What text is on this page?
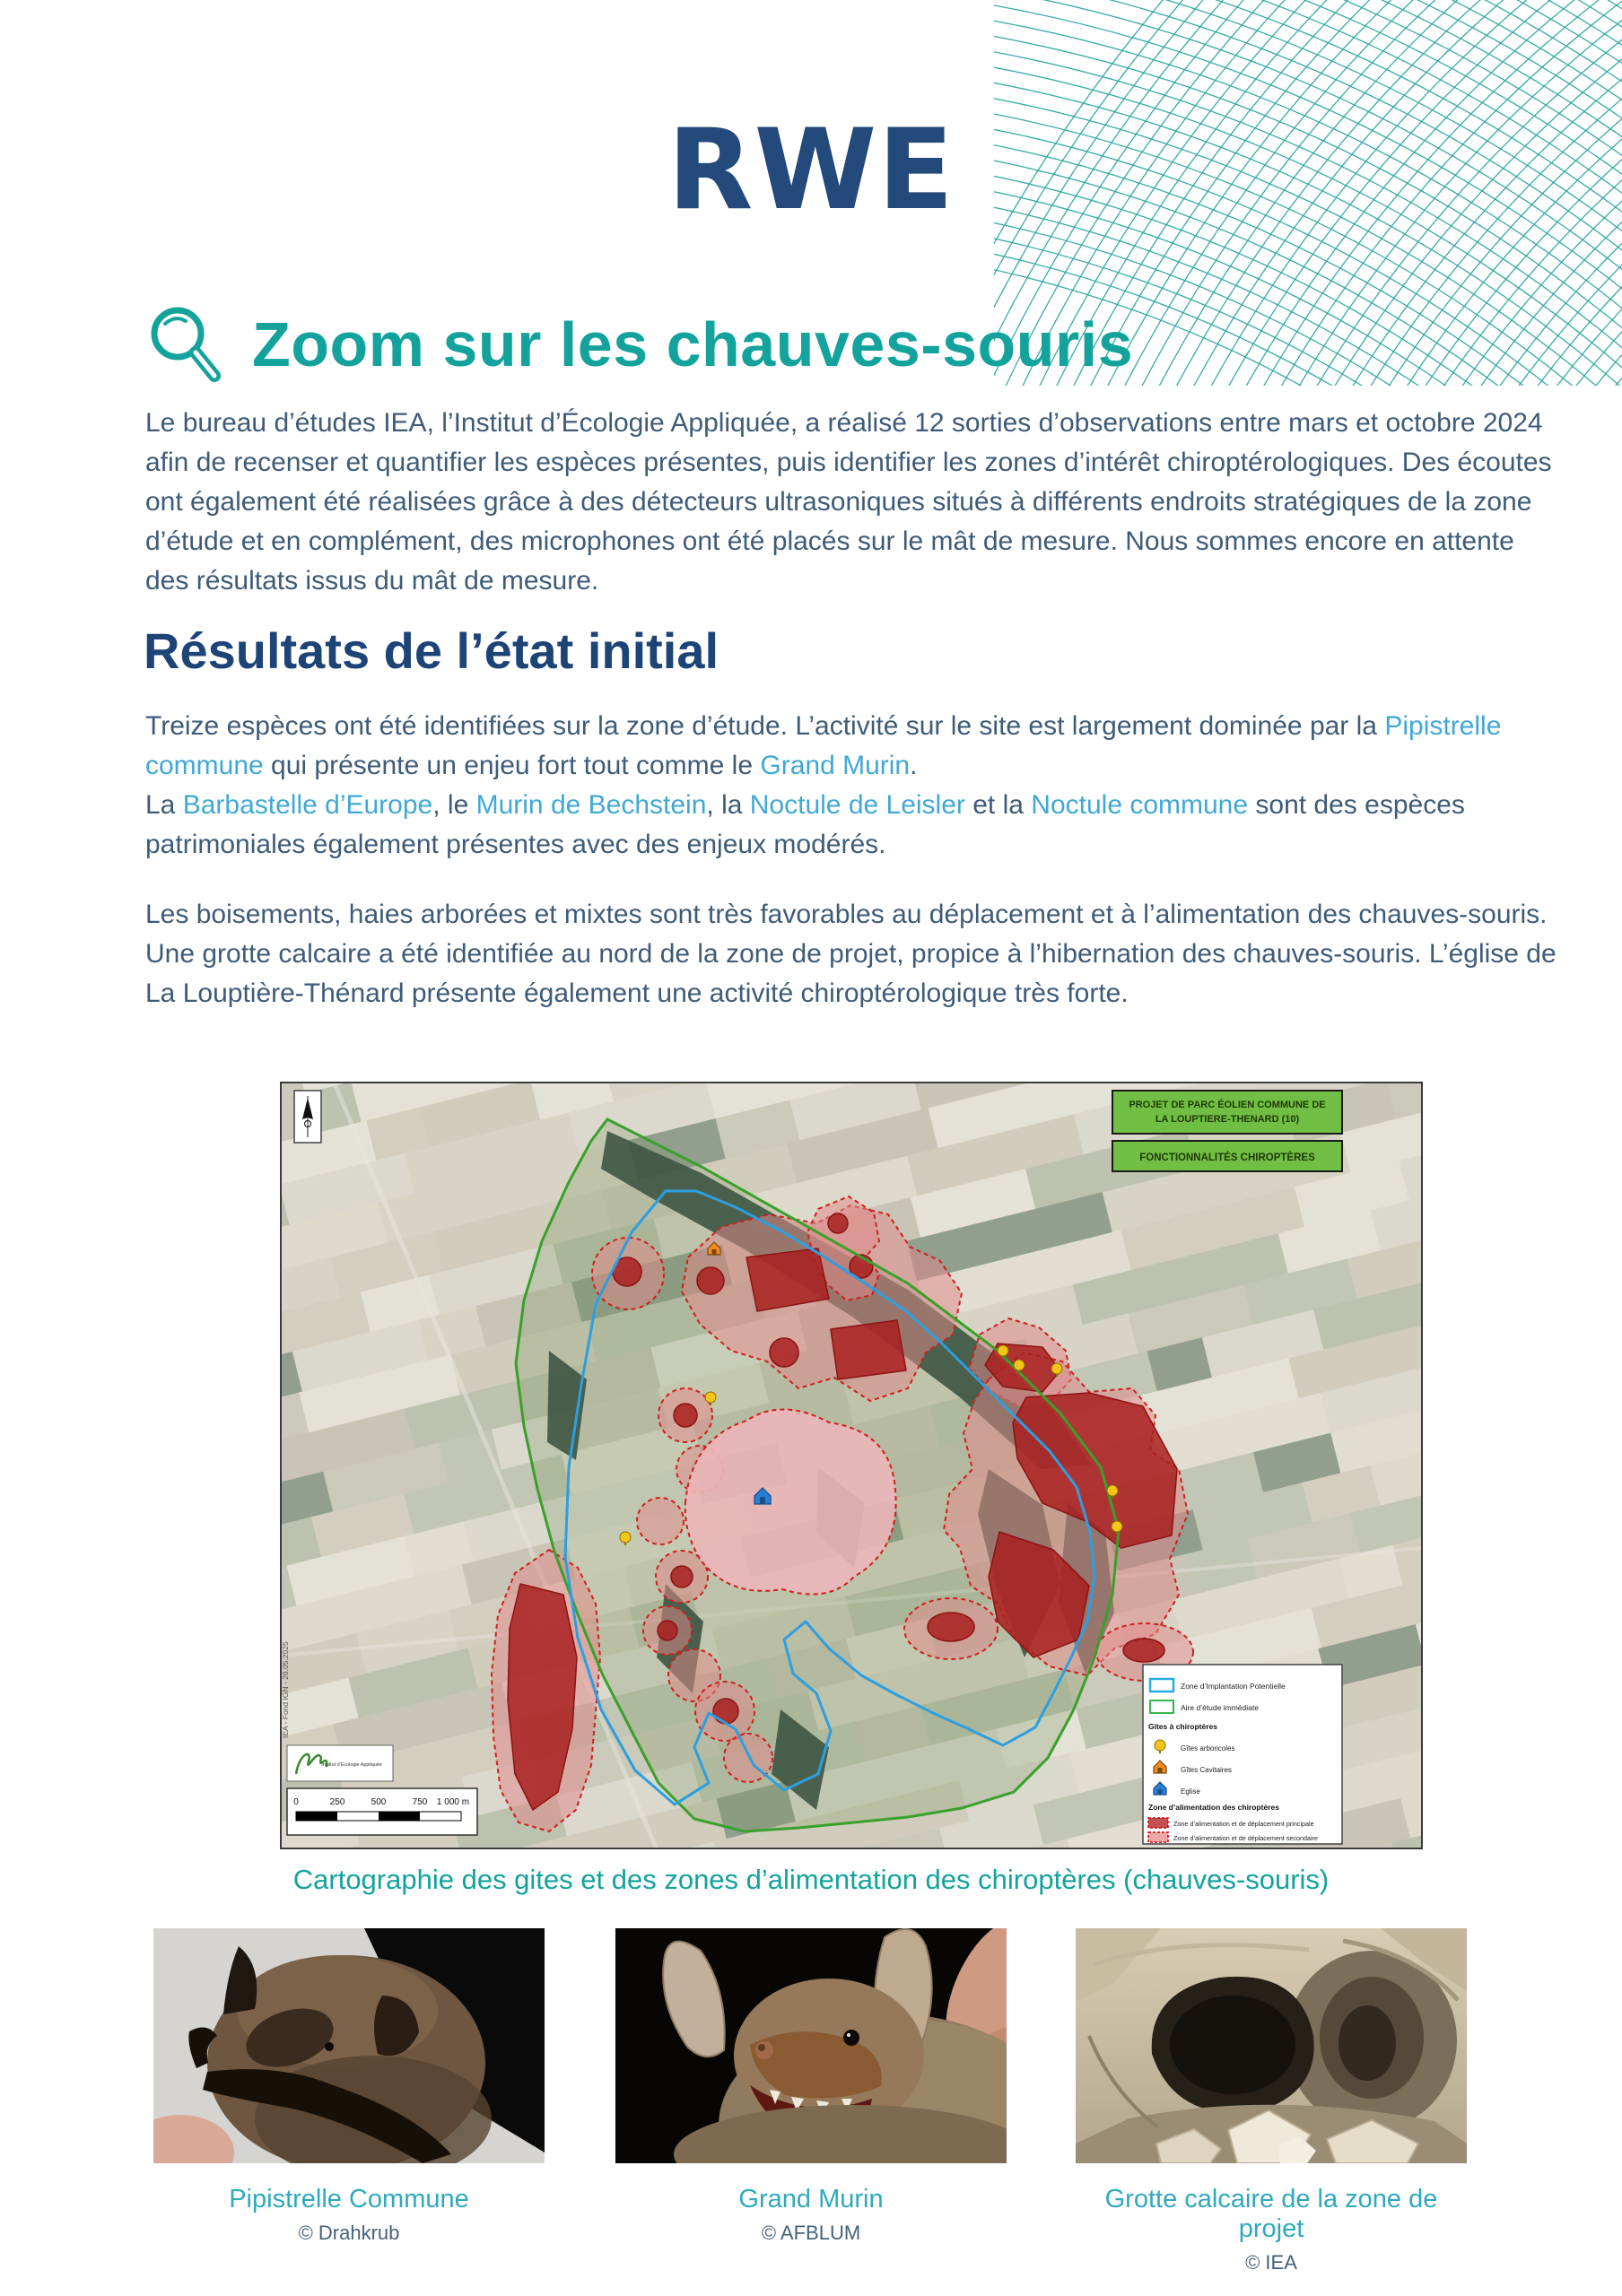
RWE
Zoom sur les chauves-souris

Le bureau d’études IEA, l’Institut d’Écologie Appliquée, a réalisé 12 sorties d’observations entre mars et octobre 2024 afin de recenser et quantifier les espèces présentes, puis identifier les zones d’intérêt chiroptérologiques. Des écoutes ont également été réalisées grâce à des détecteurs ultrasoniques situés à différents endroits stratégiques de la zone d’étude et en complément, des microphones ont été placés sur le mât de mesure. Nous sommes encore en attente des résultats issus du mât de mesure.

Résultats de l’état initial

Treize espèces ont été identifiées sur la zone d’étude. L’activité sur le site est largement dominée par la Pipistrelle commune qui présente un enjeu fort tout comme le Grand Murin.
La Barbastelle d’Europe, le Murin de Bechstein, la Noctule de Leisler et la Noctule commune sont des espèces patrimoniales également présentes avec des enjeux modérés.

Les boisements, haies arborées et mixtes sont très favorables au déplacement et à l’alimentation des chauves-souris. Une grotte calcaire a été identifiée au nord de la zone de projet, propice à l’hibernation des chauves-souris. L’église de La Louptière-Thénard présente également une activité chiroptérologique très forte.

PROJET DE PARC ÉOLIEN COMMUNE DE
LA LOUPTIERE-THENARD (10)
FONCTIONNALITÉS CHIROPTÈRES
Zone d’Implantation Potentielle
Aire d’étude immédiate
Gîtes à chiroptères
Gîtes arboricoles
Gîtes Cavitaires
Eglise
Zone d’alimentation des chiroptères
Zone d’alimentation et de déplacement principale
Zone d’alimentation et de déplacement secondaire
Institut d’Écologie Appliquée
0	250	500	750 1 000 m
IEA - Fond IGN - 26.05.2025
Cartographie des gites et des zones d’alimentation des chiroptères (chauves-souris)
Pipistrelle Commune
© Drahkrub
Grand Murin
© AFBLUM
Grotte calcaire de la zone de projet
© IEA
